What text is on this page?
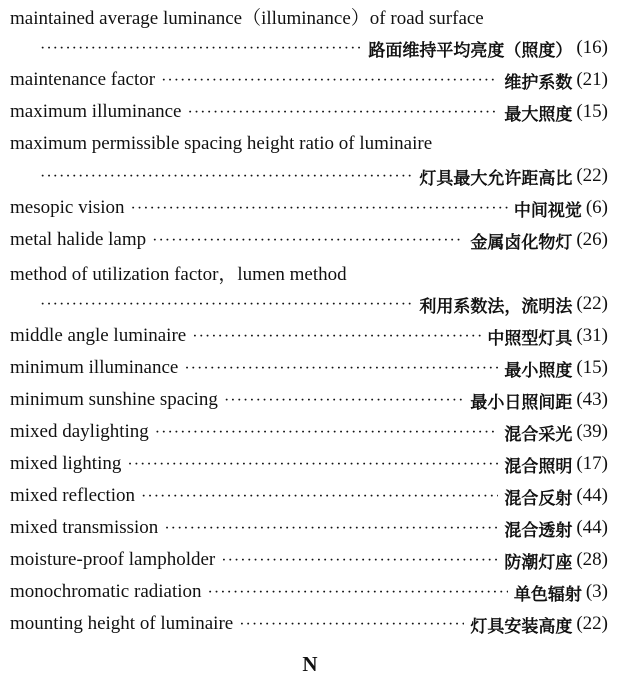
maintained average luminance（illuminance）of road surface
·····
路面维持平均亮度（照度） (16)
maintenance factor ·····	维护系数 (21)
maximum illuminance ·····	最大照度 (15)
maximum permissible spacing height ratio of luminaire
·····
灯具最大允许距高比 (22)
mesopic vision ·····	中间视觉 (6)
metal halide lamp ·····	金属卤化物灯 (26)
method of utilization factor，lumen method
·····
利用系数法，流明法 (22)
middle angle luminaire ·····	中照型灯具 (31)
minimum illuminance ·····	最小照度 (15)
minimum sunshine spacing ·····	最小日照间距 (43)
mixed daylighting ·····	混合采光 (39)
mixed lighting ·····	混合照明 (17)
mixed reflection ·····	混合反射 (44)
mixed transmission ·····	混合透射 (44)
moisture-proof lampholder ·····	防潮灯座 (28)
monochromatic radiation ·····	单色辐射 (3)
mounting height of luminaire ·····	灯具安装高度 (22)
N
